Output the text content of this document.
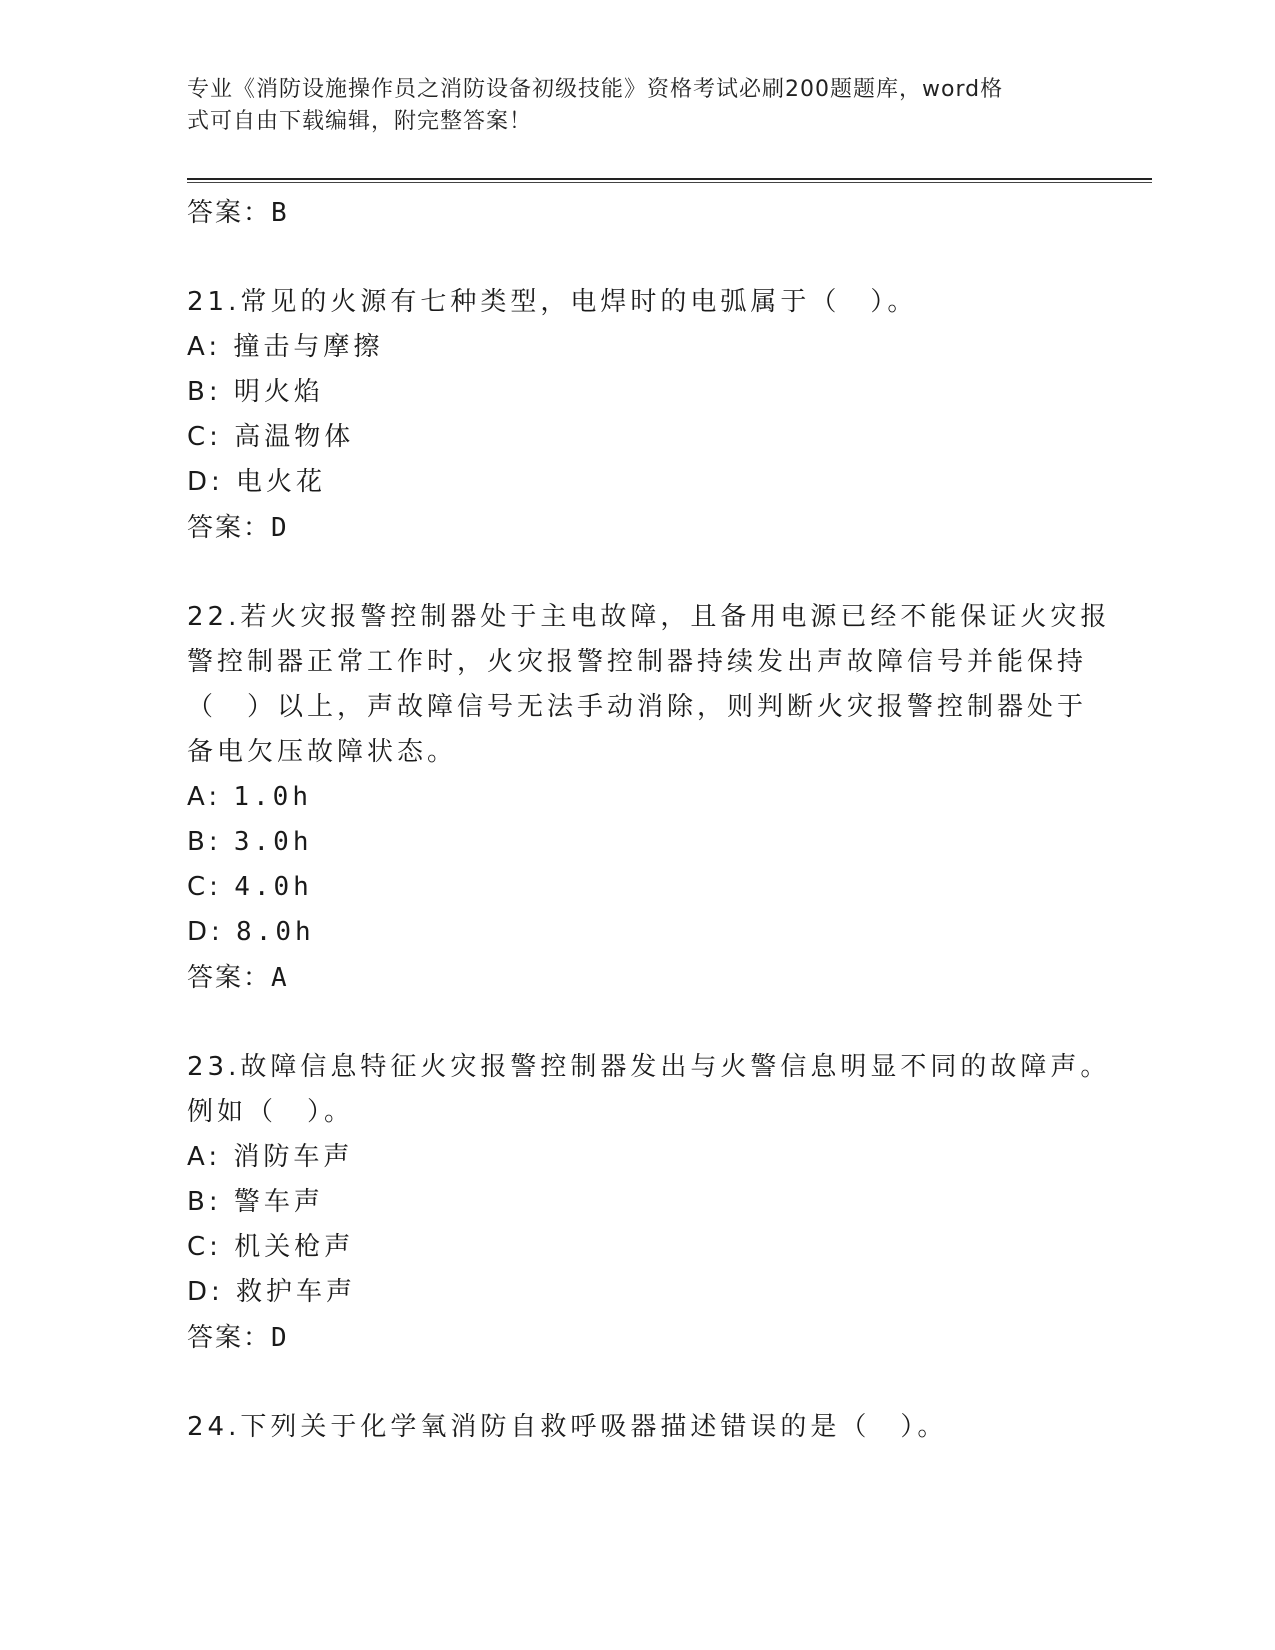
专业《消防设施操作员之消防设备初级技能》资格考试必刷200题题库，word格
式可自由下载编辑，附完整答案！
答案：B
21.常见的火源有七种类型，电焊时的电弧属于（　）。
A: 撞击与摩擦
B: 明火焰
C: 高温物体
D: 电火花
答案：D
22.若火灾报警控制器处于主电故障，且备用电源已经不能保证火灾报
警控制器正常工作时，火灾报警控制器持续发出声故障信号并能保持
（　）以上，声故障信号无法手动消除，则判断火灾报警控制器处于
备电欠压故障状态。
A: 1.0h
B: 3.0h
C: 4.0h
D: 8.0h
答案：A
23.故障信息特征火灾报警控制器发出与火警信息明显不同的故障声。
例如（　）。
A: 消防车声
B: 警车声
C: 机关枪声
D: 救护车声
答案：D
24.下列关于化学氧消防自救呼吸器描述错误的是（　）。
